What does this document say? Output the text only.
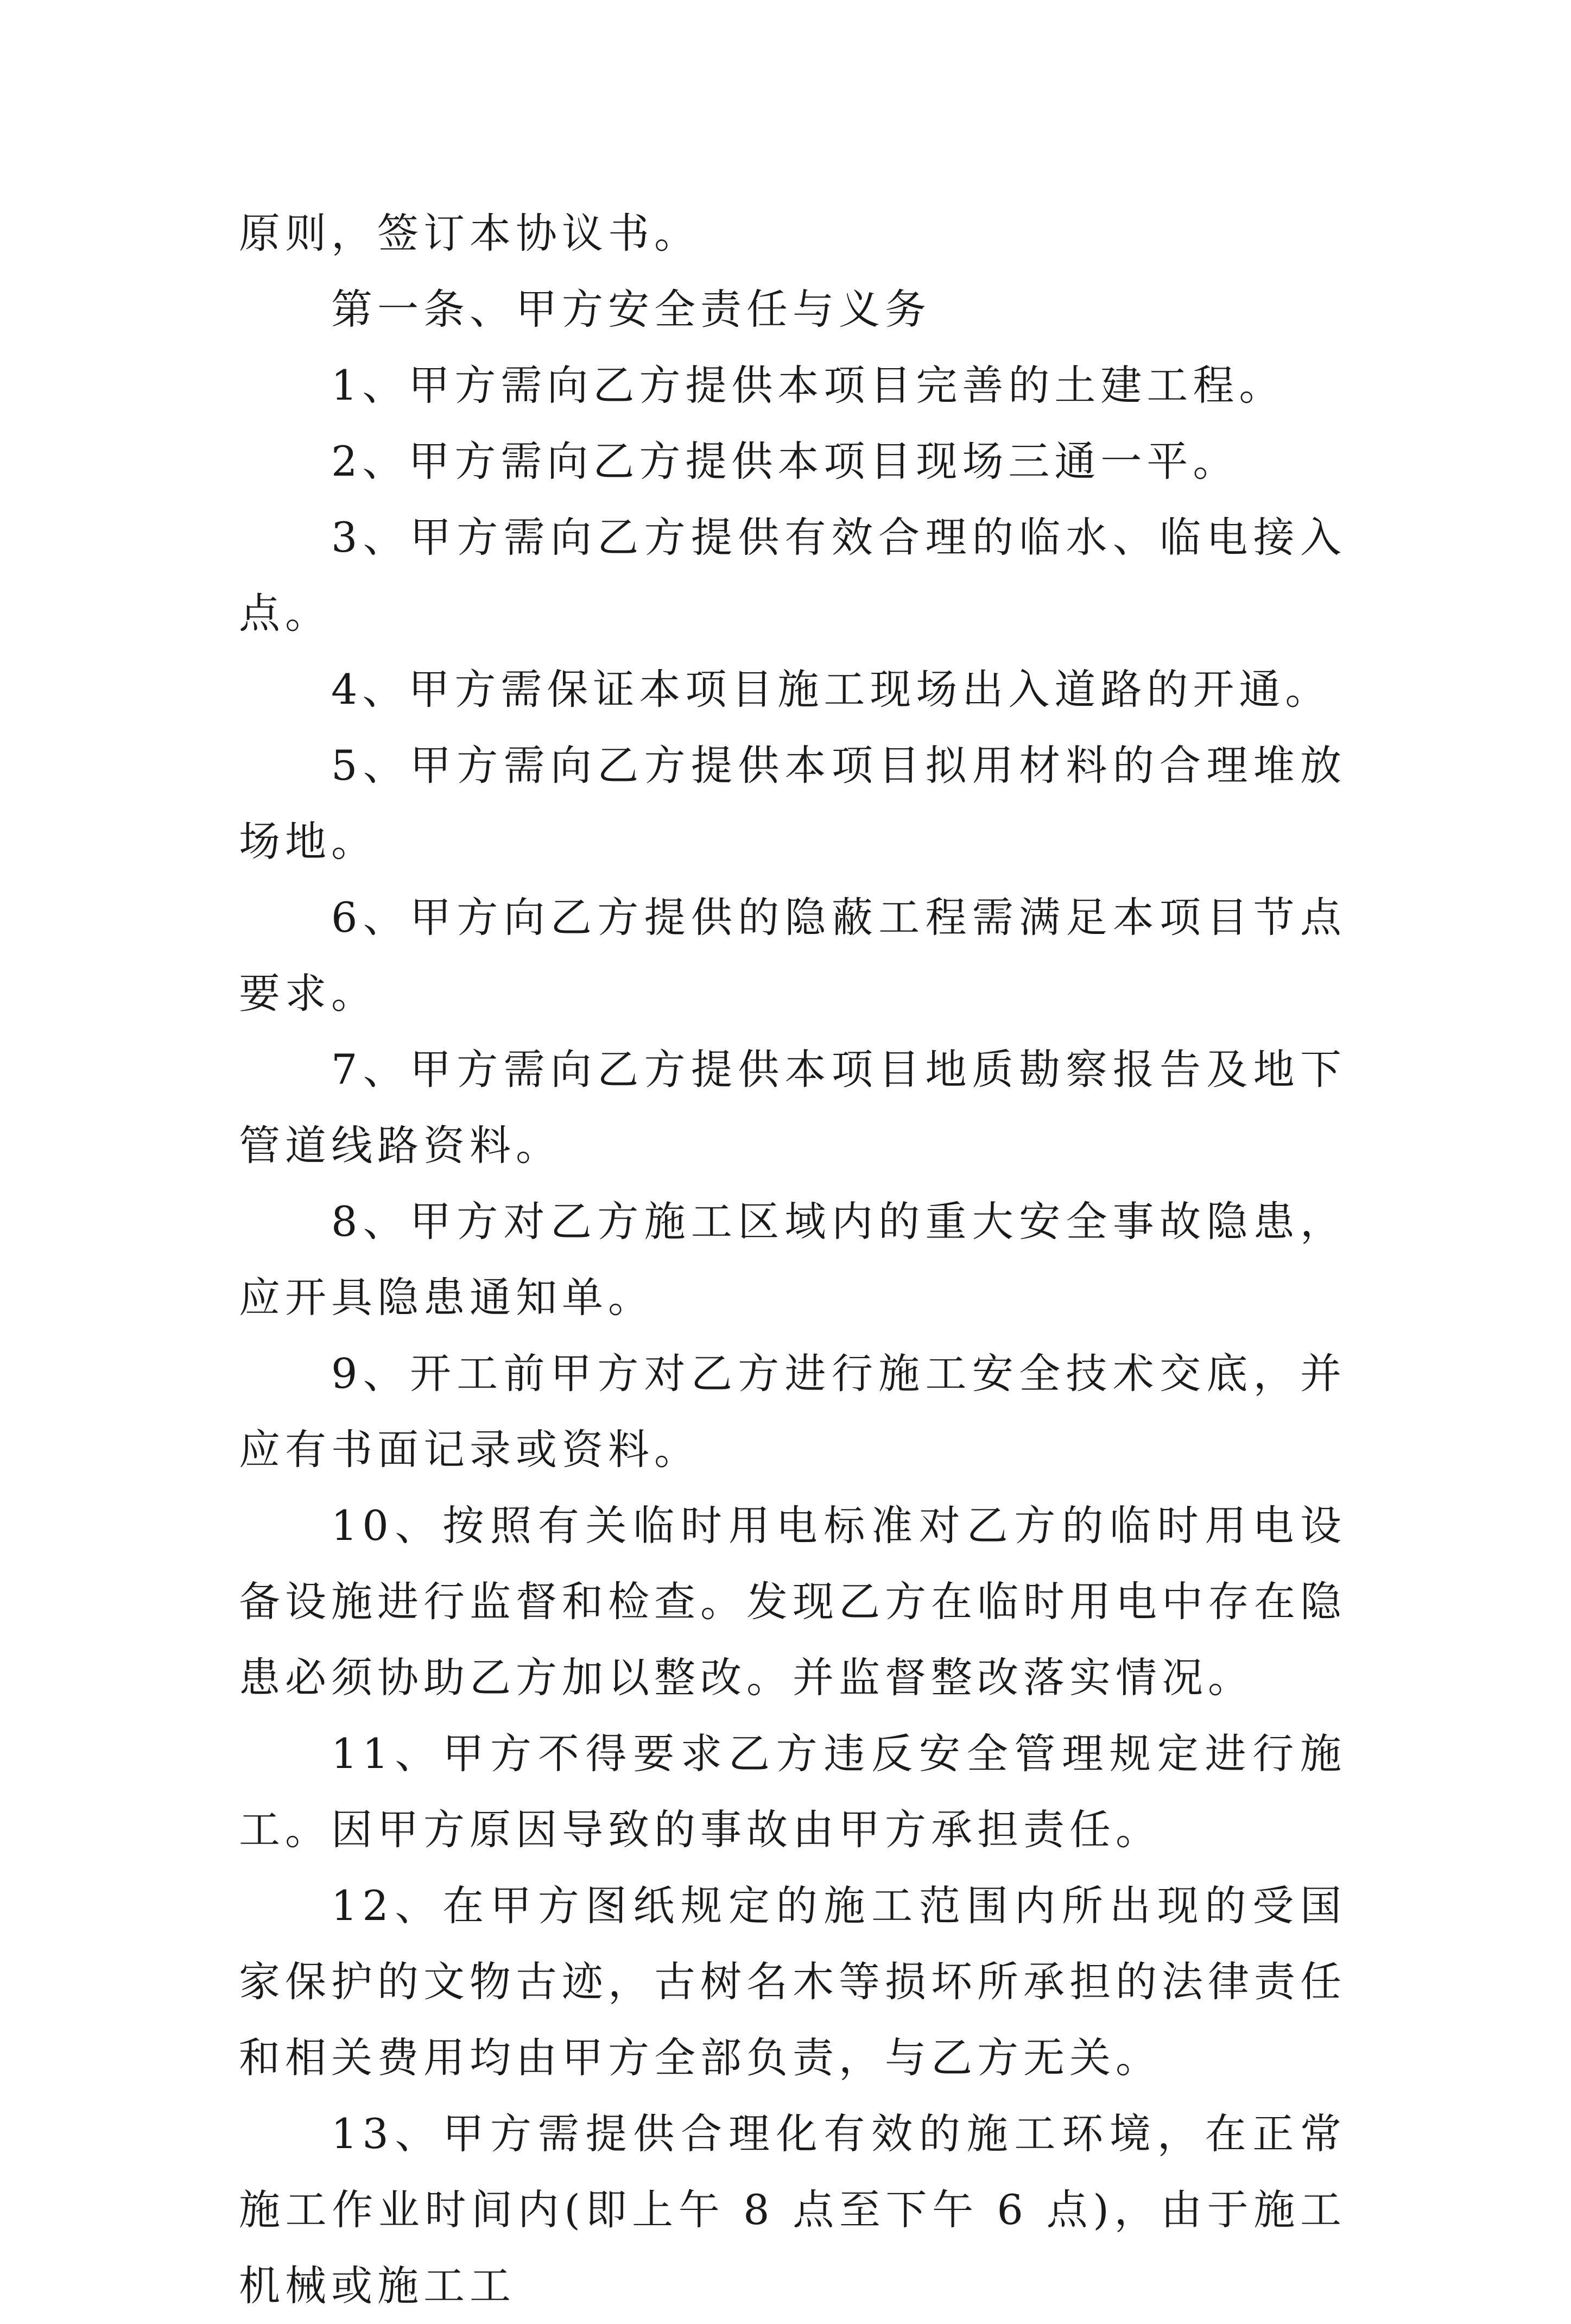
原则，签订本协议书。

第一条、甲方安全责任与义务

1、甲方需向乙方提供本项目完善的土建工程。

2、甲方需向乙方提供本项目现场三通一平。

3、甲方需向乙方提供有效合理的临水、临电接入点。

4、甲方需保证本项目施工现场出入道路的开通。

5、甲方需向乙方提供本项目拟用材料的合理堆放场地。

6、甲方向乙方提供的隐蔽工程需满足本项目节点要求。

7、甲方需向乙方提供本项目地质勘察报告及地下管道线路资料。

8、甲方对乙方施工区域内的重大安全事故隐患，应开具隐患通知单。

9、开工前甲方对乙方进行施工安全技术交底，并应有书面记录或资料。

10、按照有关临时用电标准对乙方的临时用电设备设施进行监督和检查。发现乙方在临时用电中存在隐患必须协助乙方加以整改。并监督整改落实情况。

11、甲方不得要求乙方违反安全管理规定进行施工。因甲方原因导致的事故由甲方承担责任。

12、在甲方图纸规定的施工范围内所出现的受国家保护的文物古迹，古树名木等损坏所承担的法律责任和相关费用均由甲方全部负责，与乙方无关。

13、甲方需提供合理化有效的施工环境，在正常施工作业时间内(即上午 8 点至下午 6 点)，由于施工机械或施工工
